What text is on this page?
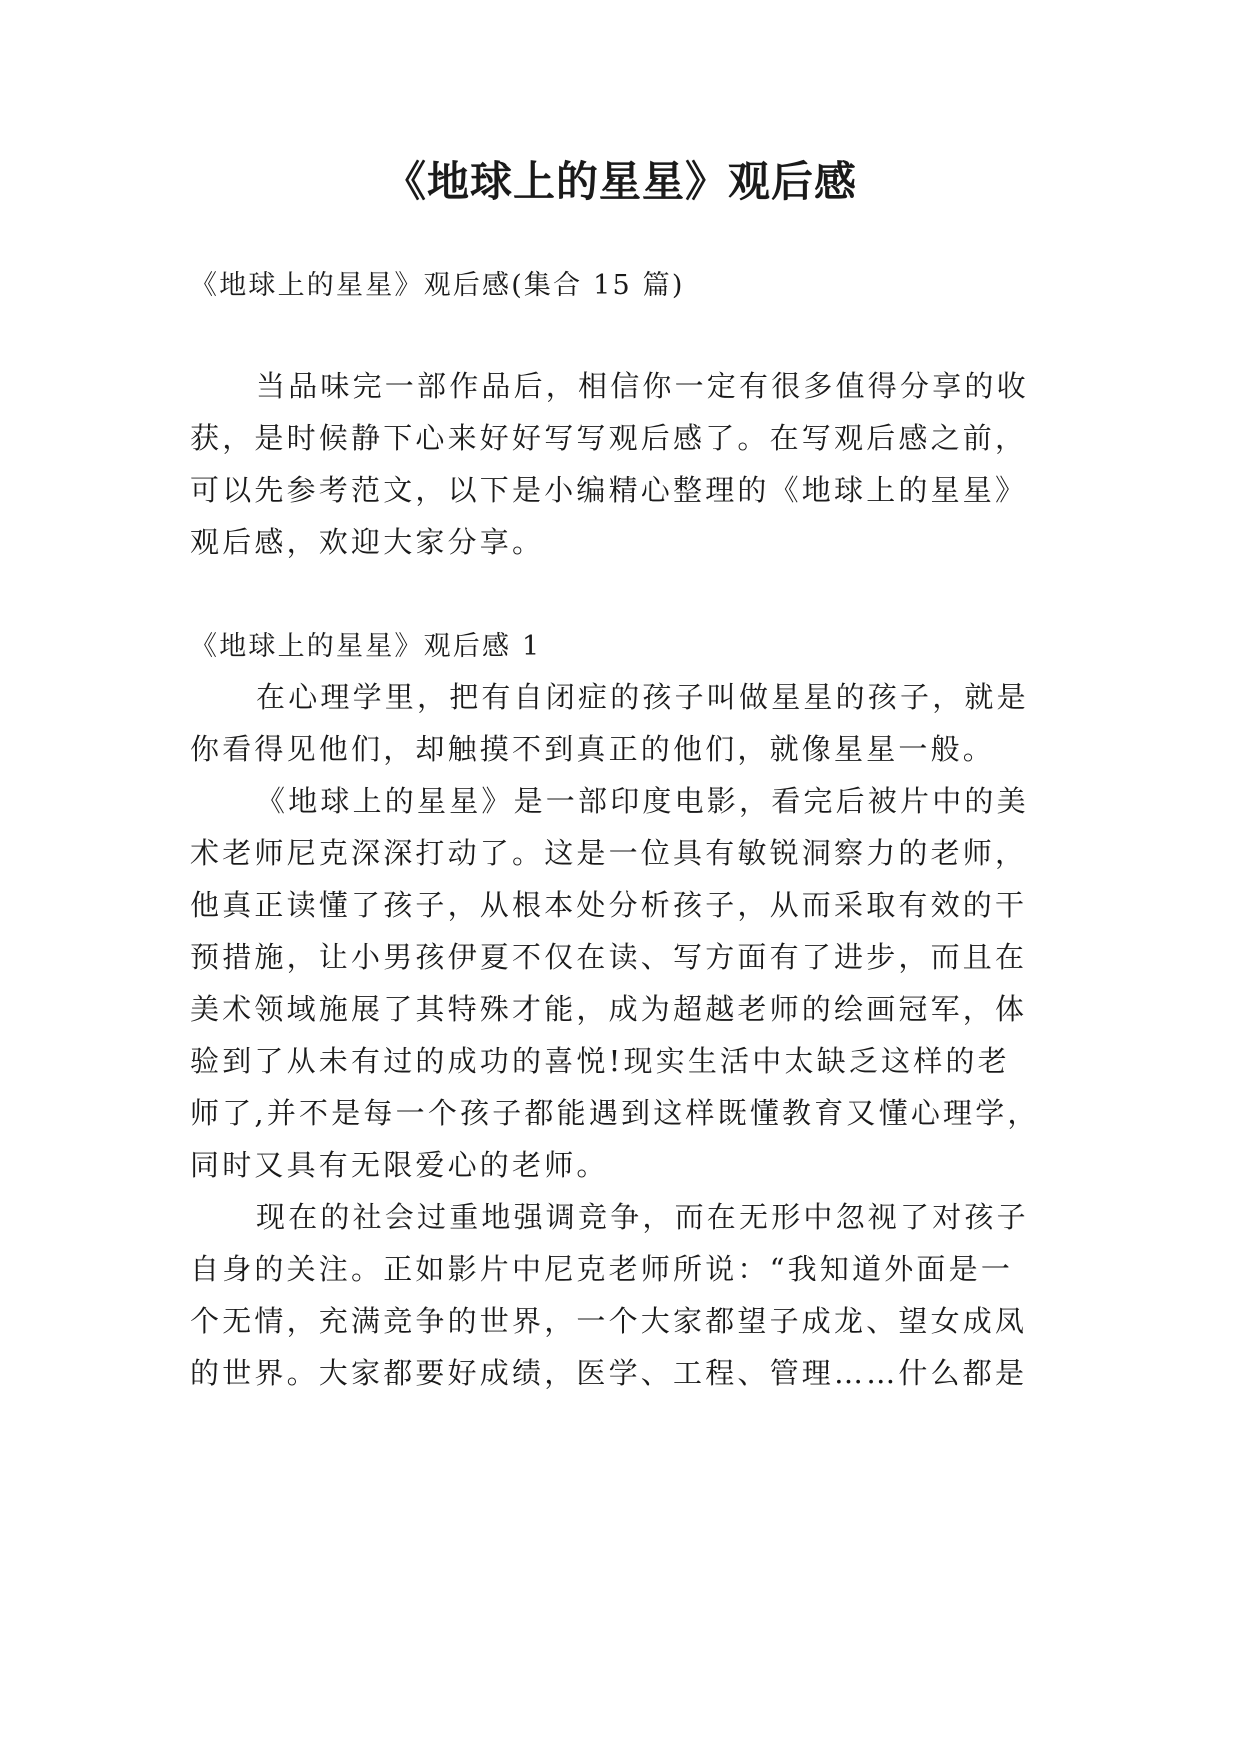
《地球上的星星》观后感
《地球上的星星》观后感(集合 15 篇)
当品味完一部作品后，相信你一定有很多值得分享的收
获，是时候静下心来好好写写观后感了。在写观后感之前，
可以先参考范文，以下是小编精心整理的《地球上的星星》
观后感，欢迎大家分享。
《地球上的星星》观后感 1
在心理学里，把有自闭症的孩子叫做星星的孩子，就是
你看得见他们，却触摸不到真正的他们，就像星星一般。
《地球上的星星》是一部印度电影，看完后被片中的美
术老师尼克深深打动了。这是一位具有敏锐洞察力的老师，
他真正读懂了孩子，从根本处分析孩子，从而采取有效的干
预措施，让小男孩伊夏不仅在读、写方面有了进步，而且在
美术领域施展了其特殊才能，成为超越老师的绘画冠军，体
验到了从未有过的成功的喜悦!现实生活中太缺乏这样的老
师了,并不是每一个孩子都能遇到这样既懂教育又懂心理学，
同时又具有无限爱心的老师。
现在的社会过重地强调竞争，而在无形中忽视了对孩子
自身的关注。正如影片中尼克老师所说：“我知道外面是一
个无情，充满竞争的世界，一个大家都望子成龙、望女成凤
的世界。大家都要好成绩，医学、工程、管理……什么都是
